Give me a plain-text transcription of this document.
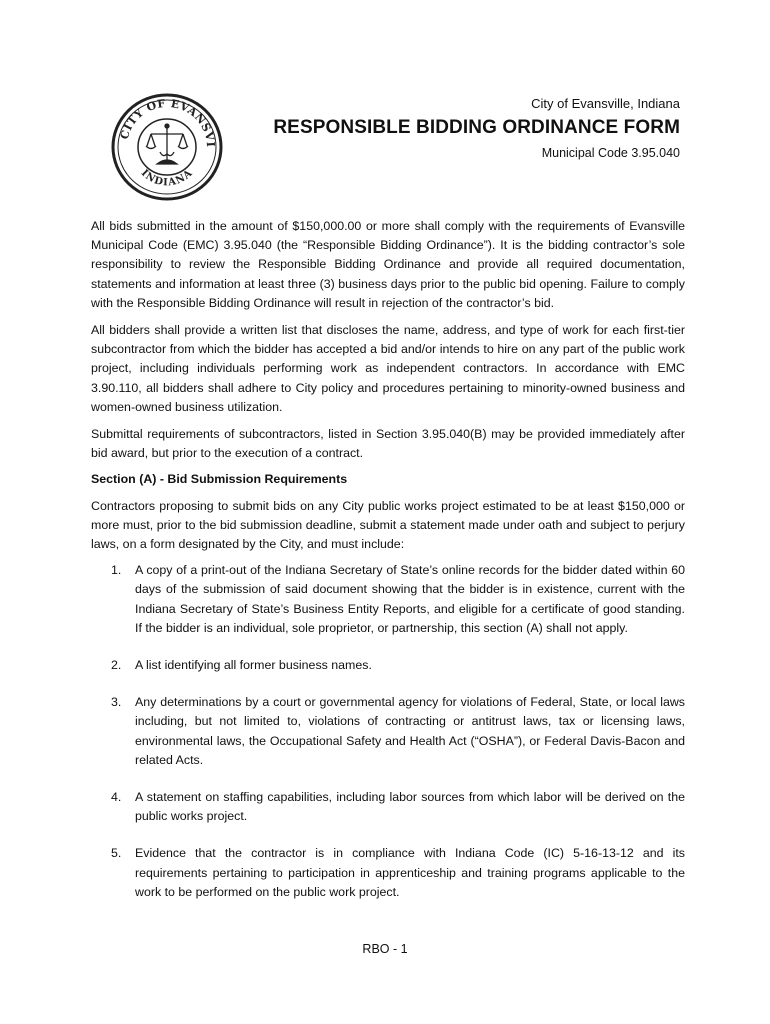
CITY OF EVANSVI
INDIANA
City of Evansville, Indiana
RESPONSIBLE BIDDING ORDINANCE FORM
Municipal Code 3.95.040

All bids submitted in the amount of $150,000.00 or more shall comply with the requirements of Evansville Municipal Code (EMC) 3.95.040 (the “Responsible Bidding Ordinance”). It is the bidding contractor’s sole responsibility to review the Responsible Bidding Ordinance and provide all required documentation, statements and information at least three (3) business days prior to the public bid opening. Failure to comply with the Responsible Bidding Ordinance will result in rejection of the contractor’s bid.

All bidders shall provide a written list that discloses the name, address, and type of work for each first-tier subcontractor from which the bidder has accepted a bid and/or intends to hire on any part of the public work project, including individuals performing work as independent contractors. In accordance with EMC 3.90.110, all bidders shall adhere to City policy and procedures pertaining to minority-owned business and women-owned business utilization.

Submittal requirements of subcontractors, listed in Section 3.95.040(B) may be provided immediately after bid award, but prior to the execution of a contract.

Section (A) - Bid Submission Requirements

Contractors proposing to submit bids on any City public works project estimated to be at least $150,000 or more must, prior to the bid submission deadline, submit a statement made under oath and subject to perjury laws, on a form designated by the City, and must include:

1. A copy of a print-out of the Indiana Secretary of State’s online records for the bidder dated within 60 days of the submission of said document showing that the bidder is in existence, current with the Indiana Secretary of State’s Business Entity Reports, and eligible for a certificate of good standing. If the bidder is an individual, sole proprietor, or partnership, this section (A) shall not apply.
2. A list identifying all former business names.
3. Any determinations by a court or governmental agency for violations of Federal, State, or local laws including, but not limited to, violations of contracting or antitrust laws, tax or licensing laws, environmental laws, the Occupational Safety and Health Act (“OSHA”), or Federal Davis-Bacon and related Acts.
4. A statement on staffing capabilities, including labor sources from which labor will be derived on the public works project.
5. Evidence that the contractor is in compliance with Indiana Code (IC) 5-16-13-12 and its requirements pertaining to participation in apprenticeship and training programs applicable to the work to be performed on the public work project.
RBO - 1
